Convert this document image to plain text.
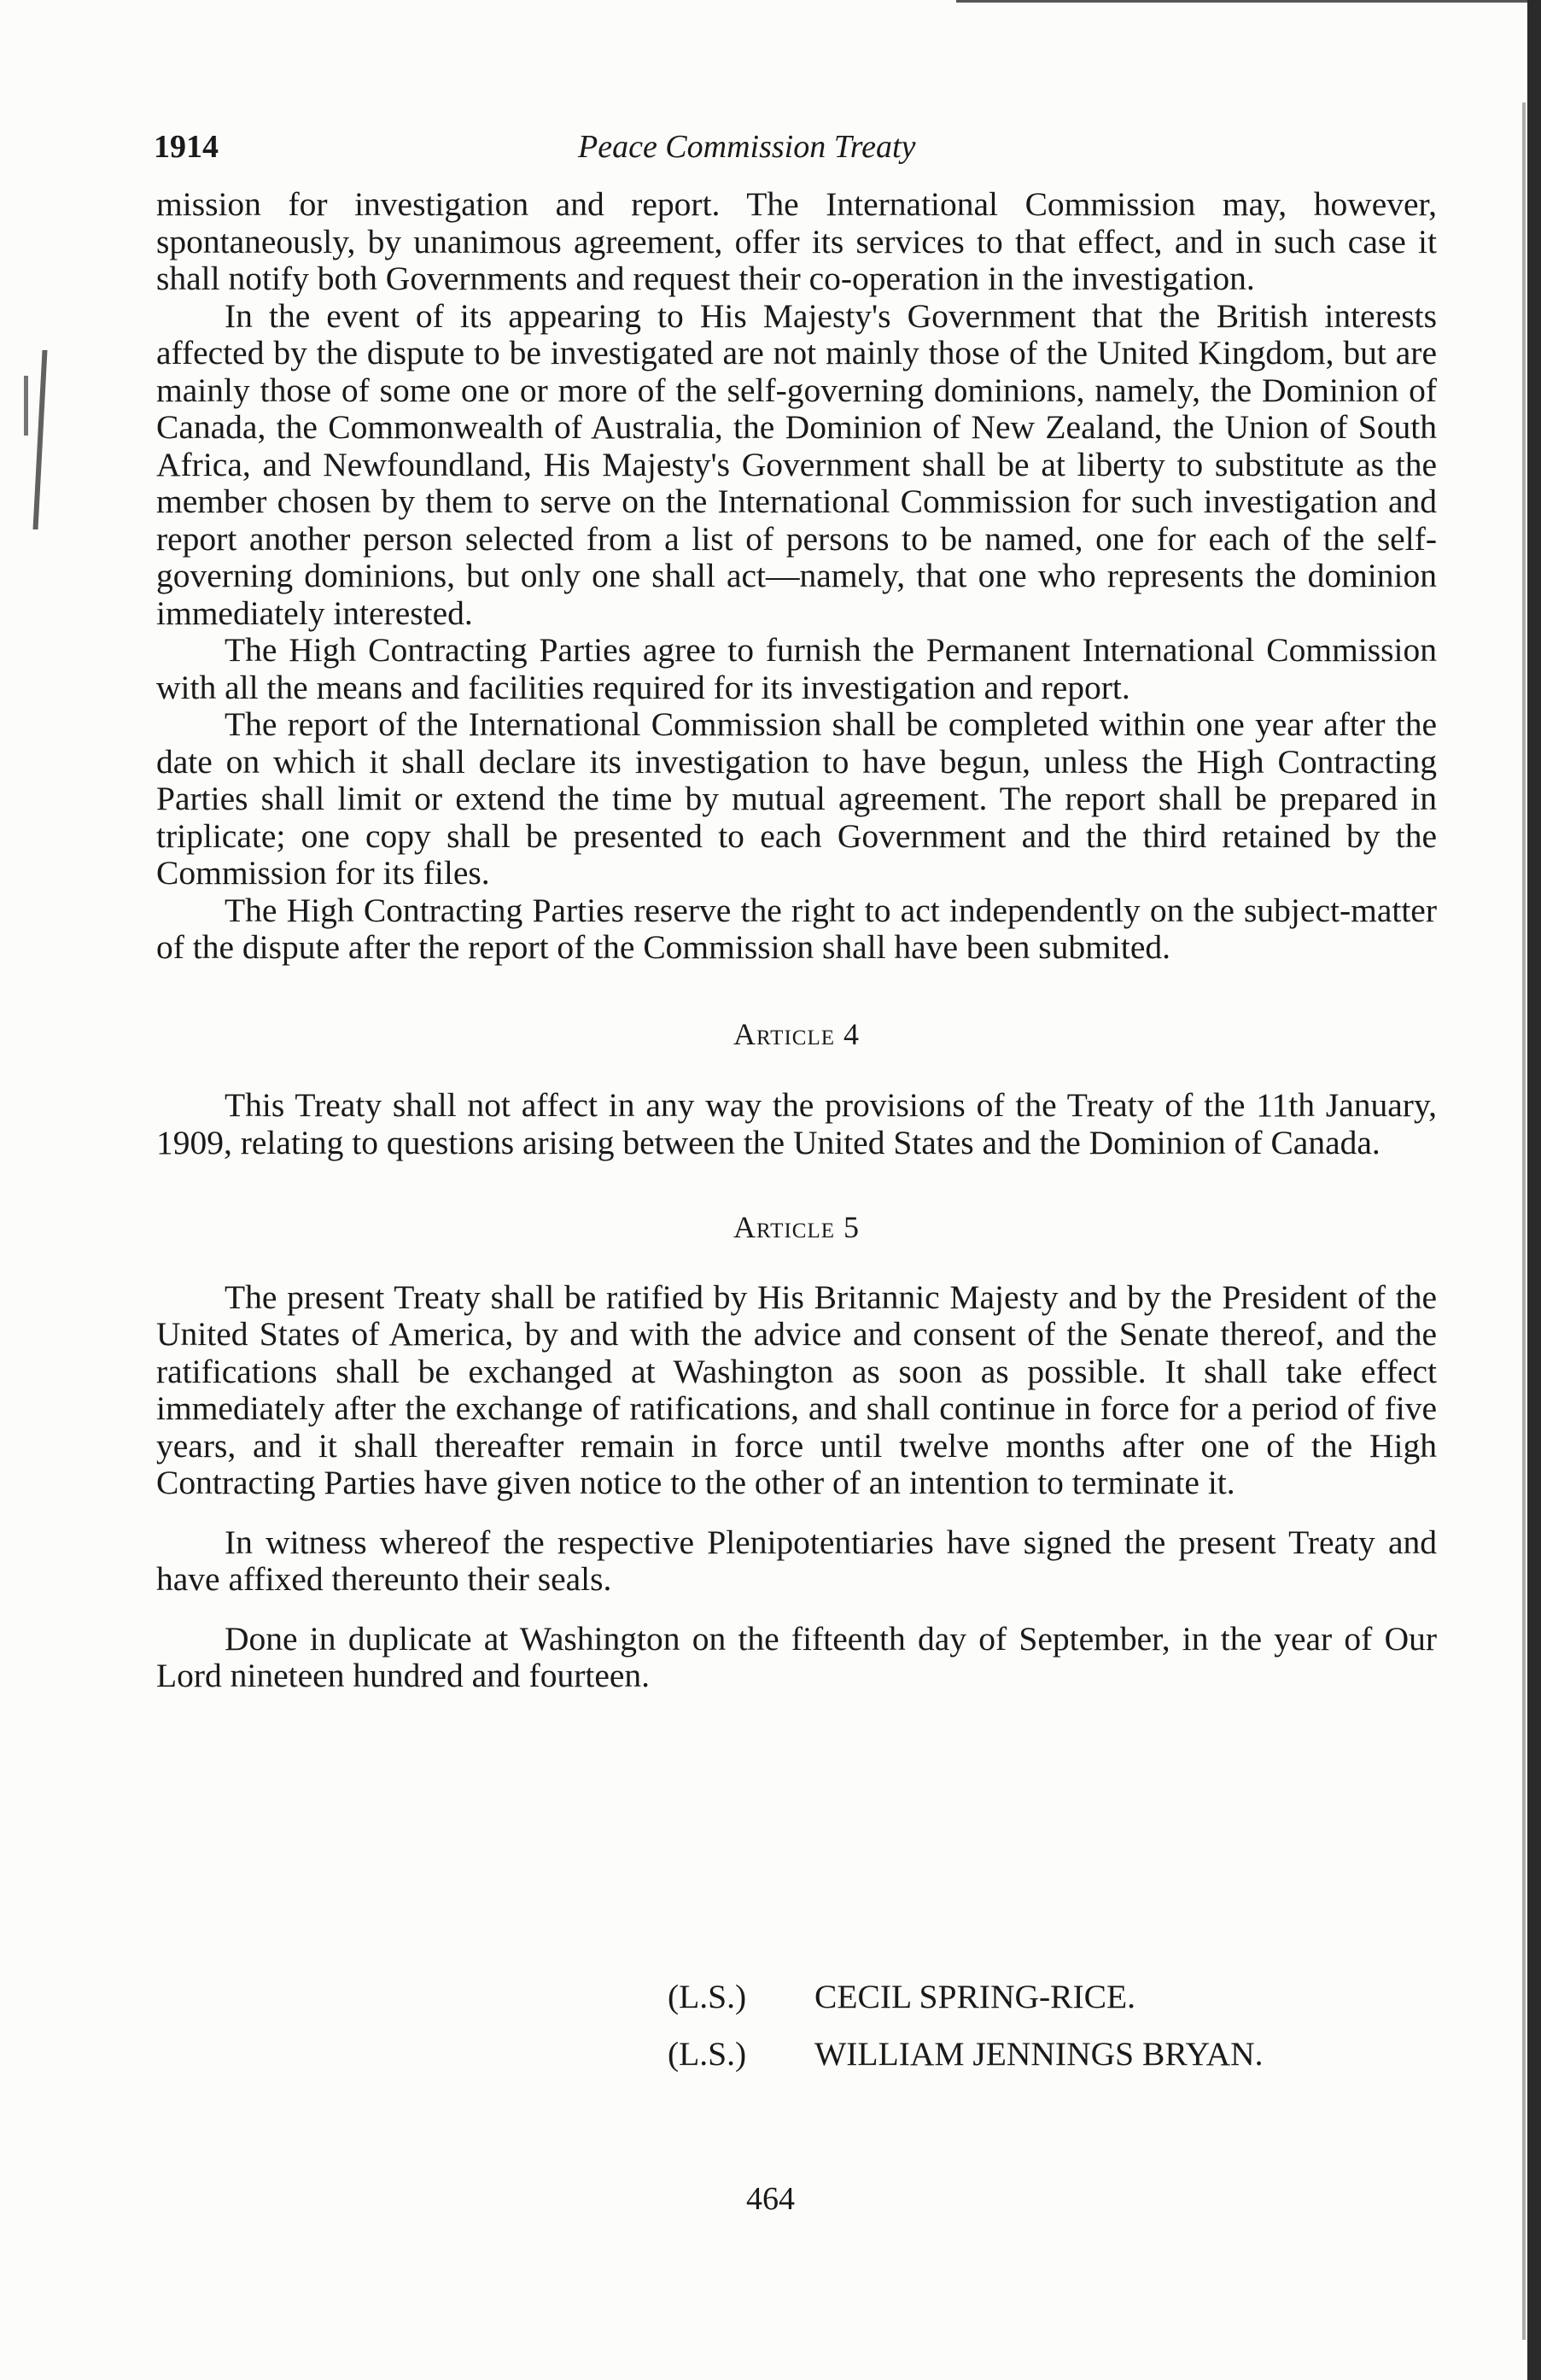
1914	Peace Commission Treaty

mission for investigation and report. The International Commission may, however, spontaneously, by unanimous agreement, offer its services to that effect, and in such case it shall notify both Governments and request their co-operation in the investigation.

In the event of its appearing to His Majesty's Government that the British interests affected by the dispute to be investigated are not mainly those of the United Kingdom, but are mainly those of some one or more of the self-governing dominions, namely, the Dominion of Canada, the Commonwealth of Australia, the Dominion of New Zealand, the Union of South Africa, and Newfoundland, His Majesty's Government shall be at liberty to substitute as the member chosen by them to serve on the International Commission for such investigation and report another person selected from a list of persons to be named, one for each of the self-governing dominions, but only one shall act—namely, that one who represents the dominion immediately interested.

The High Contracting Parties agree to furnish the Permanent International Commission with all the means and facilities required for its investigation and report.

The report of the International Commission shall be completed within one year after the date on which it shall declare its investigation to have begun, unless the High Contracting Parties shall limit or extend the time by mutual agreement. The report shall be prepared in triplicate; one copy shall be presented to each Government and the third retained by the Commission for its files.

The High Contracting Parties reserve the right to act independently on the subject-matter of the dispute after the report of the Commission shall have been submited.

Article 4

This Treaty shall not affect in any way the provisions of the Treaty of the 11th January, 1909, relating to questions arising between the United States and the Dominion of Canada.

Article 5

The present Treaty shall be ratified by His Britannic Majesty and by the President of the United States of America, by and with the advice and consent of the Senate thereof, and the ratifications shall be exchanged at Washington as soon as possible. It shall take effect immediately after the exchange of ratifications, and shall continue in force for a period of five years, and it shall thereafter remain in force until twelve months after one of the High Contracting Parties have given notice to the other of an intention to terminate it.

In witness whereof the respective Plenipotentiaries have signed the present Treaty and have affixed thereunto their seals.

Done in duplicate at Washington on the fifteenth day of September, in the year of Our Lord nineteen hundred and fourteen.

(L.S.)	CECIL SPRING-RICE.
(L.S.)	WILLIAM JENNINGS BRYAN.
464
